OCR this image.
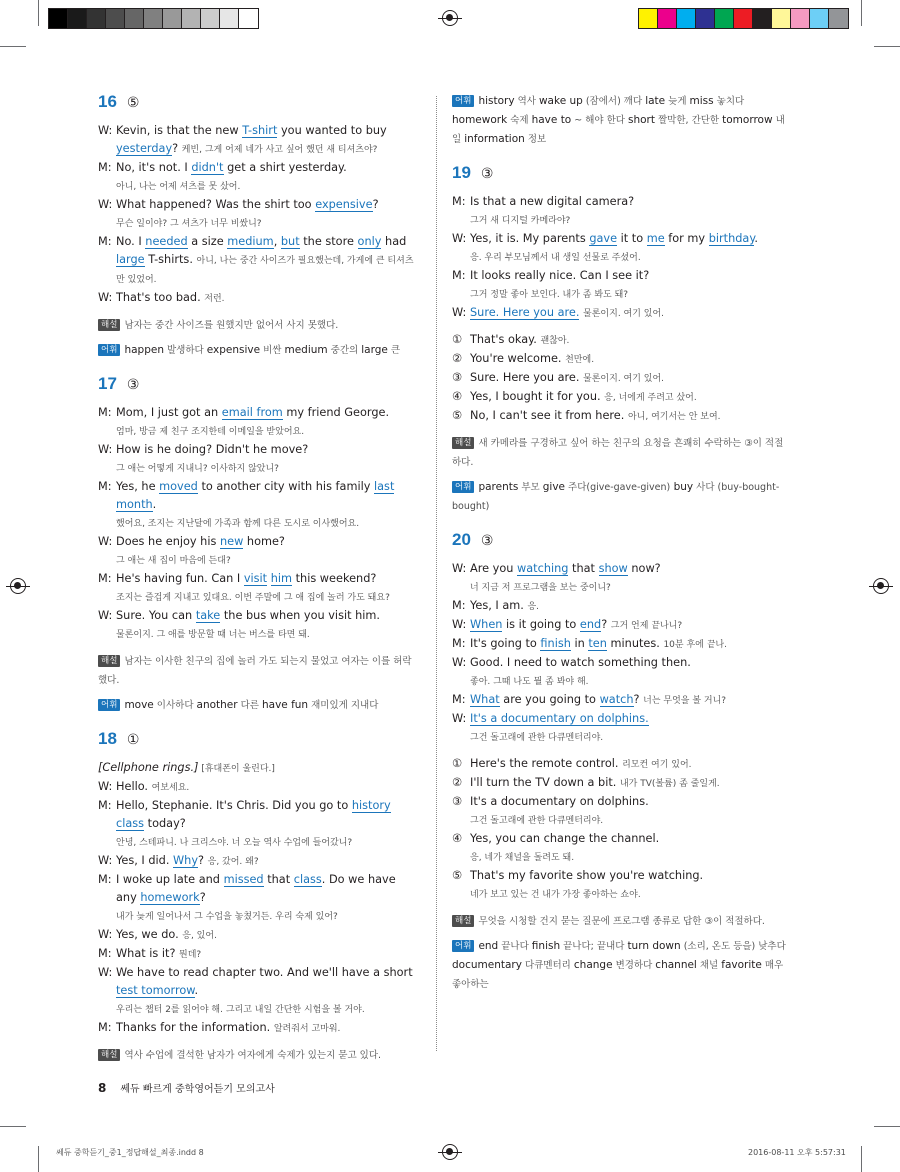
16 ⑤
W: Kevin, is that the new T-shirt you wanted to buy yesterday? 케빈, 그게 어제 네가 사고 싶어 했던 새 티셔츠야?
M: No, it's not. I didn't get a shirt yesterday.
아니, 나는 어제 셔츠를 못 샀어.
W: What happened? Was the shirt too expensive?
무슨 일이야? 그 셔츠가 너무 비쌌니?
M: No. I needed a size medium, but the store only had large T-shirts. 아니, 나는 중간 사이즈가 필요했는데, 가게에 큰 티셔츠만 있었어.
W: That's too bad. 저런.
해설 남자는 중간 사이즈를 원했지만 없어서 사지 못했다.
어휘 happen 발생하다 expensive 비싼 medium 중간의 large 큰
17 ③
M: Mom, I just got an email from my friend George.
엄마, 방금 제 친구 조지한테 이메일을 받았어요.
W: How is he doing? Didn't he move?
그 애는 어떻게 지내니? 이사하지 않았니?
M: Yes, he moved to another city with his family last month.
했어요, 조지는 지난달에 가족과 함께 다른 도시로 이사했어요.
W: Does he enjoy his new home?
그 애는 새 집이 마음에 든대?
M: He's having fun. Can I visit him this weekend?
조지는 즐겁게 지내고 있대요. 이번 주말에 그 애 집에 놀러 가도 돼요?
W: Sure. You can take the bus when you visit him.
물론이지. 그 애를 방문할 때 너는 버스를 타면 돼.
해설 남자는 이사한 친구의 집에 놀러 가도 되는지 물었고 여자는 이를 허락했다.
어휘 move 이사하다 another 다른 have fun 재미있게 지내다
18 ①
[Cellphone rings.] [휴대폰이 울린다.]
W: Hello. 여보세요.
M: Hello, Stephanie. It's Chris. Did you go to history class today?
안녕, 스테파니. 나 크리스야. 너 오늘 역사 수업에 들어갔니?
W: Yes, I did. Why? 응, 갔어. 왜?
M: I woke up late and missed that class. Do we have any homework?
내가 늦게 일어나서 그 수업을 놓쳤거든. 우리 숙제 있어?
W: Yes, we do. 응, 있어.
M: What is it? 뭔데?
W: We have to read chapter two. And we'll have a short test tomorrow.
우리는 챕터 2를 읽어야 해. 그리고 내일 간단한 시험을 볼 거야.
M: Thanks for the information. 알려줘서 고마워.
해설 역사 수업에 결석한 남자가 여자에게 숙제가 있는지 묻고 있다.
어휘 history 역사 wake up (잠에서) 깨다 late 늦게 miss 놓치다 homework 숙제 have to ~ 해야 한다 short 짤막한, 간단한 tomorrow 내일 information 정보
19 ③
M: Is that a new digital camera?
그거 새 디지털 카메라야?
W: Yes, it is. My parents gave it to me for my birthday.
응. 우리 부모님께서 내 생일 선물로 주셨어.
M: It looks really nice. Can I see it?
그거 정말 좋아 보인다. 내가 좀 봐도 돼?
W: Sure. Here you are. 물론이지. 여기 있어.
① That's okay. 괜찮아.
② You're welcome. 천만에.
③ Sure. Here you are. 물론이지. 여기 있어.
④ Yes, I bought it for you. 응, 너에게 주려고 샀어.
⑤ No, I can't see it from here. 아니, 여기서는 안 보여.
해설 새 카메라를 구경하고 싶어 하는 친구의 요청을 흔쾌히 수락하는 ③이 적절하다.
어휘 parents 부모 give 주다(give-gave-given) buy 사다 (buy-bought-bought)
20 ③
W: Are you watching that show now?
너 지금 저 프로그램을 보는 중이니?
M: Yes, I am. 응.
W: When is it going to end? 그거 언제 끝나니?
M: It's going to finish in ten minutes. 10분 후에 끝나.
W: Good. I need to watch something then.
좋아. 그때 나도 뭘 좀 봐야 해.
M: What are you going to watch? 너는 무엇을 볼 거니?
W: It's a documentary on dolphins.
그건 돌고래에 관한 다큐멘터리야.
① Here's the remote control. 리모컨 여기 있어.
② I'll turn the TV down a bit. 내가 TV(볼륨) 좀 줄일게.
③ It's a documentary on dolphins.
그건 돌고래에 관한 다큐멘터리야.
④ Yes, you can change the channel.
응, 네가 채널을 돌려도 돼.
⑤ That's my favorite show you're watching.
네가 보고 있는 건 내가 가장 좋아하는 쇼야.
해설 무엇을 시청할 건지 묻는 질문에 프로그램 종류로 답한 ③이 적절하다.
어휘 end 끝나다 finish 끝나다; 끝내다 turn down (소리, 온도 등을) 낮추다 documentary 다큐멘터리 change 변경하다 channel 채널 favorite 매우 좋아하는
8 쎄듀 빠르게 중학영어듣기 모의고사
쎄듀 중학듣기_중1_정답해설_최종.indd 8	2016-08-11 오후 5:57:31
